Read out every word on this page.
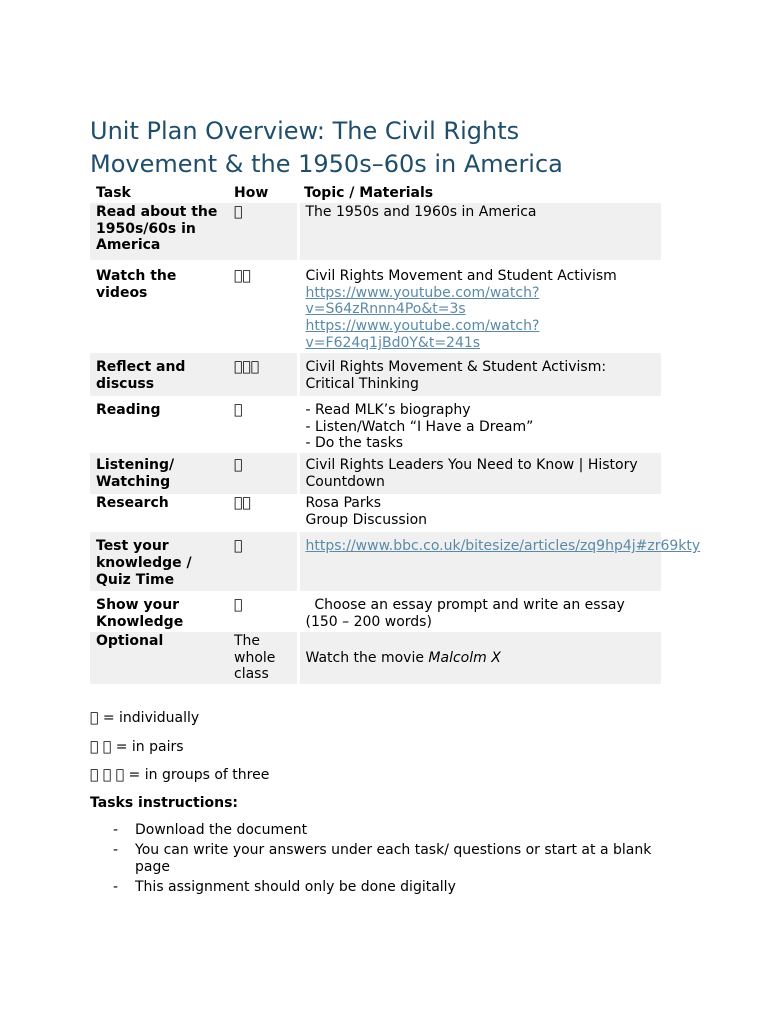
Unit Plan Overview: The Civil Rights
Movement & the 1950s–60s in America
Task	How	Topic / Materials
Read about the 1950s/60s in America	􏰀	The 1950s and 1960s in America

Watch the videos	􏰀􏰀	Civil Rights Movement and Student Activism
https://www.youtube.com/watch?v=S64zRnnn4Po&t=3s
https://www.youtube.com/watch?v=F624q1jBd0Y&t=241s

Reflect and discuss	􏰀􏰀􏰀	Civil Rights Movement & Student Activism: Critical Thinking

Reading	􏰀	- Read MLK’s biography
- Listen/Watch “I Have a Dream”
- Do the tasks

Listening/ Watching	􏰀	Civil Rights Leaders You Need to Know | History Countdown

Research	􏰀􏰀	Rosa Parks
Group Discussion

Test your knowledge / Quiz Time	􏰀	https://www.bbc.co.uk/bitesize/articles/zq9hp4j#zr69kty

Show your Knowledge	􏰀	Choose an essay prompt and write an essay (150 – 200 words)

Optional	The whole class	Watch the movie Malcolm X
􏰀 = individually
􏰀 􏰀 = in pairs
􏰀 􏰀 􏰀 = in groups of three
Tasks instructions:
- Download the document
- You can write your answers under each task/ questions or start at a blank page
- This assignment should only be done digitally
